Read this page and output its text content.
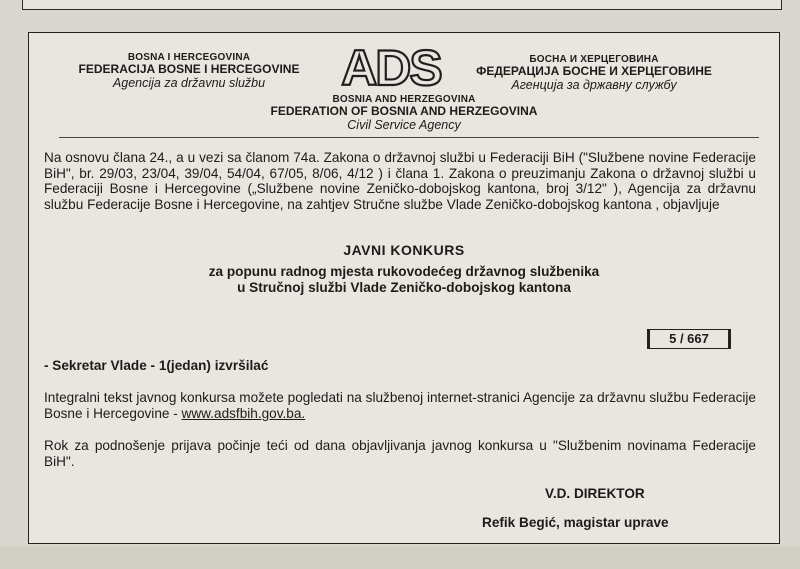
BOSNA I HERCEGOVINA
FEDERACIJA BOSNE I HERCEGOVINE
Agencija za državnu službu	ADS	БОСНА И ХЕРЦЕГОВИНА
ФЕДЕРАЦИЈА БОСНЕ И ХЕРЦЕГОВИНЕ
Агенција за државну службу
BOSNIA AND HERZEGOVINA
FEDERATION OF BOSNIA AND HERZEGOVINA
Civil Service Agency
Na osnovu člana 24., a u vezi sa članom 74a. Zakona o državnoj službi u Federaciji BiH ("Službene novine Federacije BiH", br. 29/03, 23/04, 39/04, 54/04, 67/05, 8/06, 4/12 ) i člana 1. Zakona o preuzimanju Zakona o državnoj službi u Federaciji Bosne i Hercegovine („Službene novine Zeničko-dobojskog kantona, broj 3/12" ), Agencija za državnu službu Federacije Bosne i Hercegovine, na zahtjev Stručne službe Vlade Zeničko-dobojskog kantona , objavljuje
JAVNI KONKURS
za popunu radnog mjesta rukovodećeg državnog službenika
u Stručnoj službi Vlade Zeničko-dobojskog kantona
5 / 667
- Sekretar Vlade - 1(jedan) izvršilać
Integralni tekst javnog konkursa možete pogledati na službenoj internet-stranici Agencije za državnu službu Federacije Bosne i Hercegovine - www.adsfbih.gov.ba.
Rok za podnošenje prijava počinje teći od dana objavljivanja javnog konkursa u "Službenim novinama Federacije BiH".
V.D. DIREKTOR
Refik Begić, magistar uprave
